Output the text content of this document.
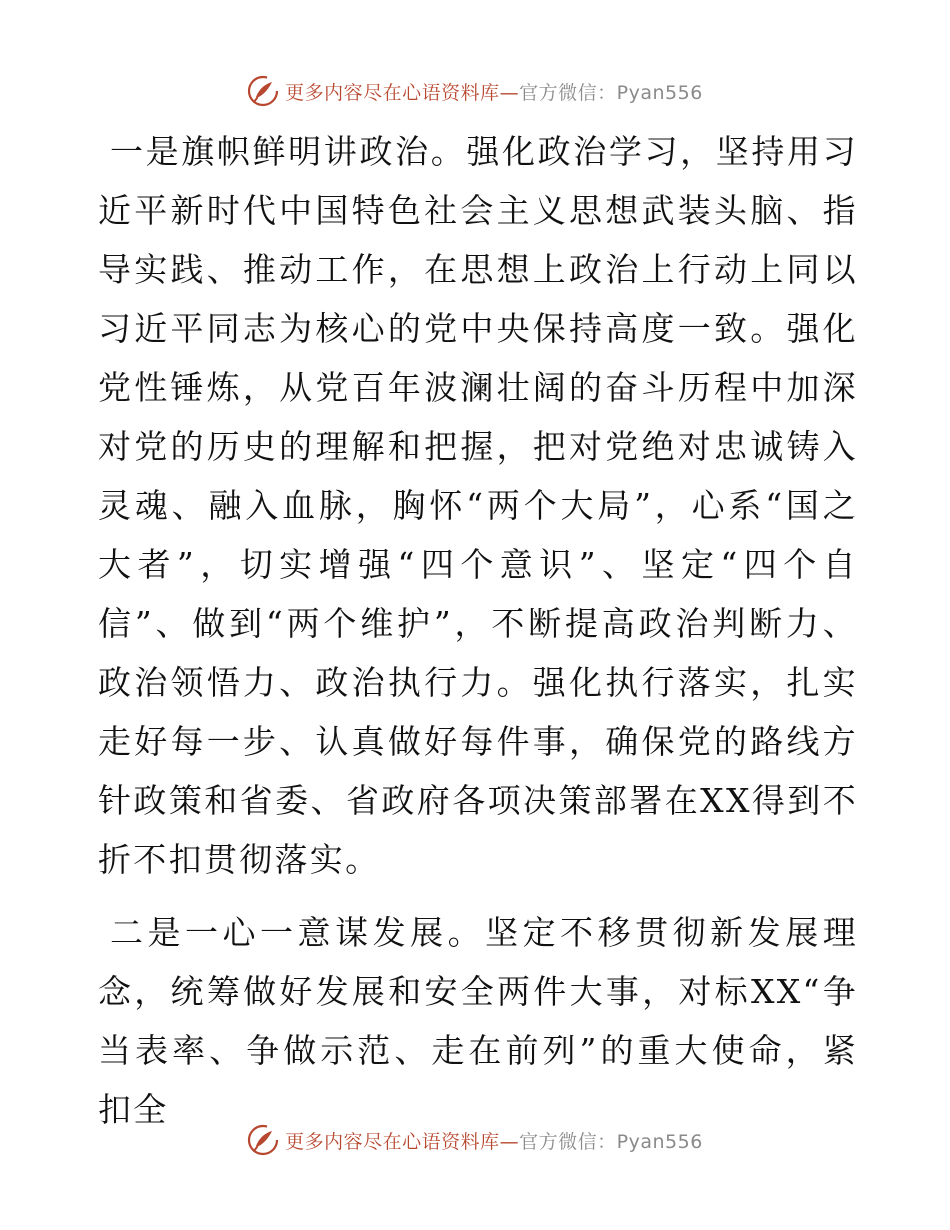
更多内容尽在心语资料库—官方微信：Pyan556

一是旗帜鲜明讲政治。强化政治学习，坚持用习近平新时代中国特色社会主义思想武装头脑、指导实践、推动工作，在思想上政治上行动上同以习近平同志为核心的党中央保持高度一致。强化党性锤炼，从党百年波澜壮阔的奋斗历程中加深对党的历史的理解和把握，把对党绝对忠诚铸入灵魂、融入血脉，胸怀“两个大局”，心系“国之大者”，切实增强“四个意识”、坚定“四个自信”、做到“两个维护”，不断提高政治判断力、政治领悟力、政治执行力。强化执行落实，扎实走好每一步、认真做好每件事，确保党的路线方针政策和省委、省政府各项决策部署在XX得到不折不扣贯彻落实。

二是一心一意谋发展。坚定不移贯彻新发展理念，统筹做好发展和安全两件大事，对标XX“争当表率、争做示范、走在前列”的重大使命，紧扣全

更多内容尽在心语资料库—官方微信：Pyan556
